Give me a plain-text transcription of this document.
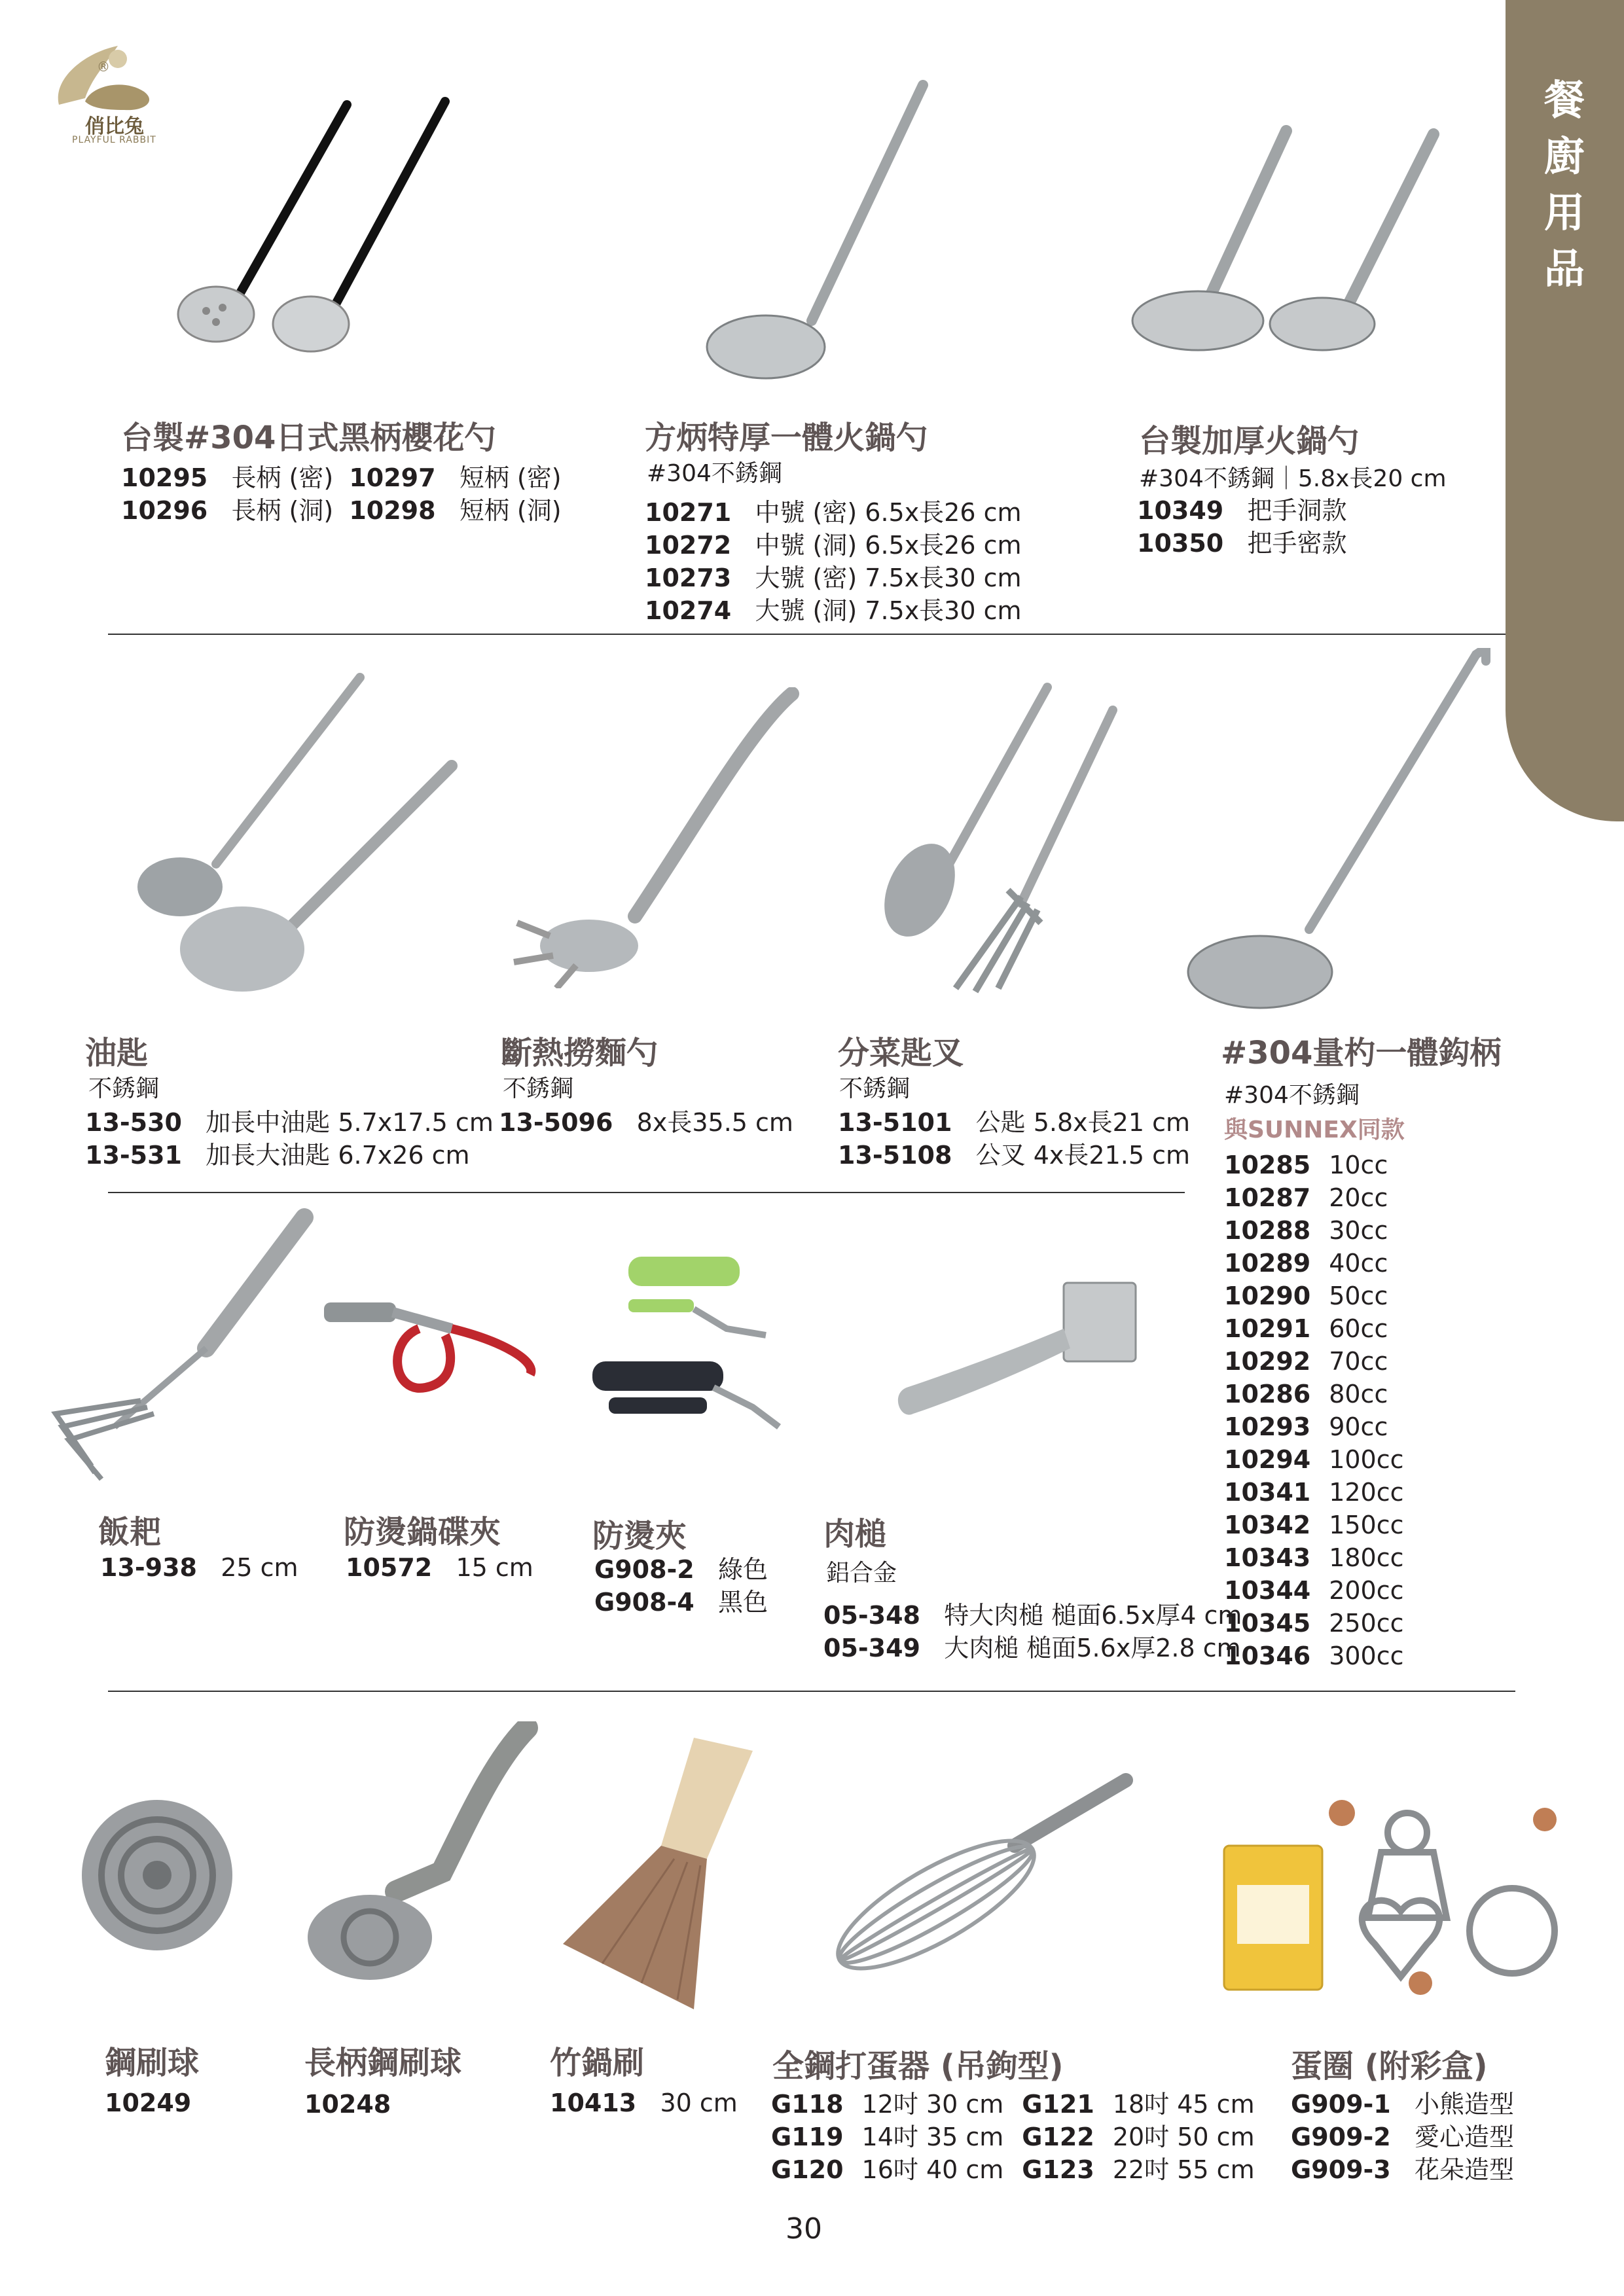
®
俏比兔
PLAYFUL RABBIT
餐廚用品
台製#304日式黑柄櫻花勺
10295 長柄 (密) 10297 短柄 (密)
10296 長柄 (洞) 10298 短柄 (洞)
方炳特厚一體火鍋勺
#304不銹鋼
10271 中號 (密) 6.5x長26 cm
10272 中號 (洞) 6.5x長26 cm
10273 大號 (密) 7.5x長30 cm
10274 大號 (洞) 7.5x長30 cm
台製加厚火鍋勺
#304不銹鋼｜5.8x長20 cm
10349 把手洞款
10350 把手密款
油匙
不銹鋼
13-530 加長中油匙 5.7x17.5 cm
13-531 加長大油匙 6.7x26 cm
斷熱撈麵勺
不銹鋼
13-5096 8x長35.5 cm
分菜匙叉
不銹鋼
13-5101 公匙 5.8x長21 cm
13-5108 公叉 4x長21.5 cm
#304量杓一體鈎柄
#304不銹鋼
與SUNNEX同款
10285	10cc
10287	20cc
10288	30cc
10289	40cc
10290	50cc
10291	60cc
10292	70cc
10286	80cc
10293	90cc
10294	100cc
10341	120cc
10342	150cc
10343	180cc
10344	200cc
10345	250cc
10346	300cc
飯耙
13-938 25 cm
防燙鍋碟夾
10572 15 cm
防燙夾
G908-2 綠色
G908-4 黑色
肉槌
鋁合金
05-348 特大肉槌 槌面6.5x厚4 cm
05-349 大肉槌 槌面5.6x厚2.8 cm
鋼刷球
10249
長柄鋼刷球
10248
竹鍋刷
10413 30 cm
全鋼打蛋器 (吊鉤型)
G118	12吋 30 cm	G121	18吋 45 cm
G119	14吋 35 cm	G122	20吋 50 cm
G120	16吋 40 cm	G123	22吋 55 cm
蛋圈 (附彩盒)
G909-1 小熊造型
G909-2 愛心造型
G909-3 花朵造型
30
